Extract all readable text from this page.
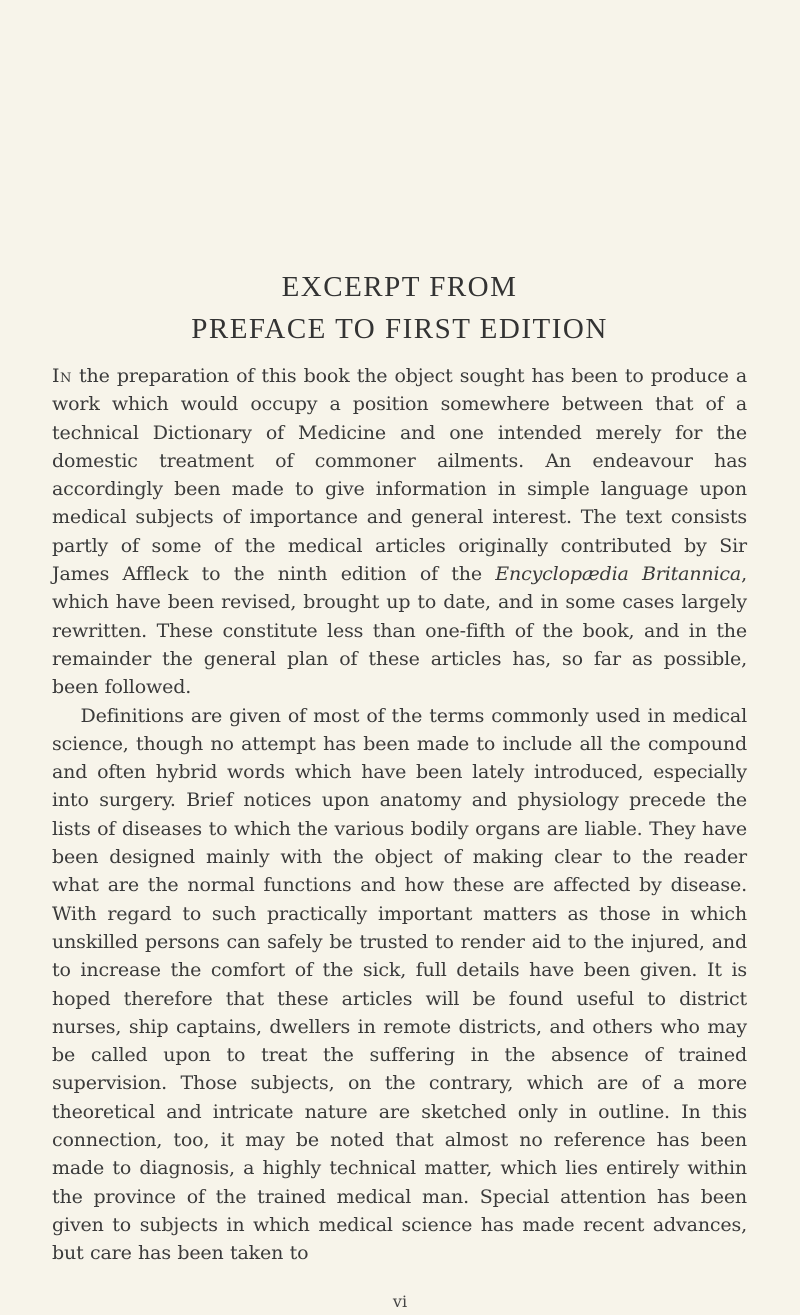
EXCERPT FROM
PREFACE TO FIRST EDITION

In the preparation of this book the object sought has been to produce a work which would occupy a position somewhere between that of a technical Dictionary of Medicine and one intended merely for the domestic treatment of commoner ailments. An endeavour has accordingly been made to give information in simple language upon medical subjects of importance and general interest. The text consists partly of some of the medical articles originally contributed by Sir James Affleck to the ninth edition of the Encyclopædia Britannica, which have been revised, brought up to date, and in some cases largely rewritten. These constitute less than one-fifth of the book, and in the remainder the general plan of these articles has, so far as possible, been followed.

Definitions are given of most of the terms commonly used in medical science, though no attempt has been made to include all the compound and often hybrid words which have been lately introduced, especially into surgery. Brief notices upon anatomy and physiology precede the lists of diseases to which the various bodily organs are liable. They have been designed mainly with the object of making clear to the reader what are the normal functions and how these are affected by disease. With regard to such practically important matters as those in which unskilled persons can safely be trusted to render aid to the injured, and to increase the comfort of the sick, full details have been given. It is hoped therefore that these articles will be found useful to district nurses, ship captains, dwellers in remote districts, and others who may be called upon to treat the suffering in the absence of trained supervision. Those subjects, on the contrary, which are of a more theoretical and intricate nature are sketched only in outline. In this connection, too, it may be noted that almost no reference has been made to diagnosis, a highly technical matter, which lies entirely within the province of the trained medical man. Special attention has been given to subjects in which medical science has made recent advances, but care has been taken to

vi
